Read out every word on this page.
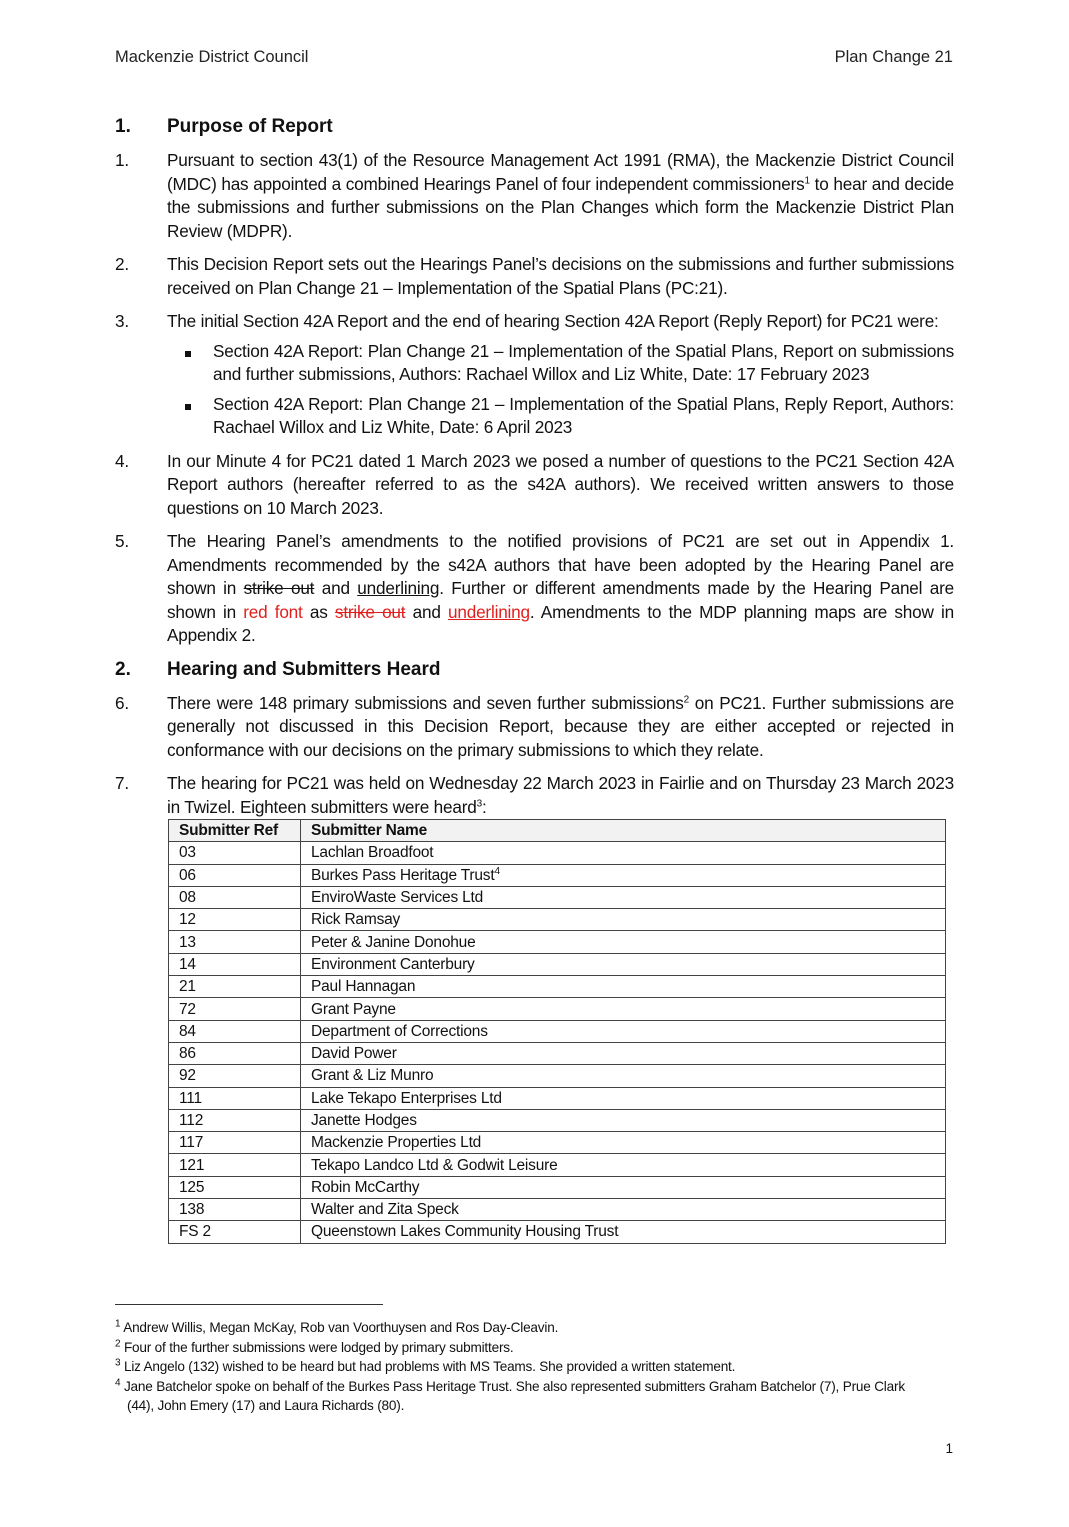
Mackenzie District Council	Plan Change 21
1.	Purpose of Report
1.	Pursuant to section 43(1) of the Resource Management Act 1991 (RMA), the Mackenzie District Council (MDC) has appointed a combined Hearings Panel of four independent commissioners$^1$ to hear and decide the submissions and further submissions on the Plan Changes which form the Mackenzie District Plan Review (MDPR).
2.	This Decision Report sets out the Hearings Panel’s decisions on the submissions and further submissions received on Plan Change 21 – Implementation of the Spatial Plans (PC:21).
3.	The initial Section 42A Report and the end of hearing Section 42A Report (Reply Report) for PC21 were:
Section 42A Report: Plan Change 21 – Implementation of the Spatial Plans, Report on submissions and further submissions, Authors: Rachael Willox and Liz White, Date: 17 February 2023
Section 42A Report: Plan Change 21 – Implementation of the Spatial Plans, Reply Report, Authors: Rachael Willox and Liz White, Date: 6 April 2023
4.	In our Minute 4 for PC21 dated 1 March 2023 we posed a number of questions to the PC21 Section 42A Report authors (hereafter referred to as the s42A authors). We received written answers to those questions on 10 March 2023.
5.	The Hearing Panel’s amendments to the notified provisions of PC21 are set out in Appendix 1. Amendments recommended by the s42A authors that have been adopted by the Hearing Panel are shown in strike out and underlining. Further or different amendments made by the Hearing Panel are shown in red font as strike out and underlining. Amendments to the MDP planning maps are show in Appendix 2.
2.	Hearing and Submitters Heard
6.	There were 148 primary submissions and seven further submissions$^2$ on PC21. Further submissions are generally not discussed in this Decision Report, because they are either accepted or rejected in conformance with our decisions on the primary submissions to which they relate.
7.	The hearing for PC21 was held on Wednesday 22 March 2023 in Fairlie and on Thursday 23 March 2023 in Twizel. Eighteen submitters were heard$^3$:
Submitter Ref	Submitter Name
03	Lachlan Broadfoot
06	Burkes Pass Heritage Trust$^4$
08	EnviroWaste Services Ltd
12	Rick Ramsay
13	Peter & Janine Donohue
14	Environment Canterbury
21	Paul Hannagan
72	Grant Payne
84	Department of Corrections
86	David Power
92	Grant & Liz Munro
111	Lake Tekapo Enterprises Ltd
112	Janette Hodges
117	Mackenzie Properties Ltd
121	Tekapo Landco Ltd & Godwit Leisure
125	Robin McCarthy
138	Walter and Zita Speck
FS 2	Queenstown Lakes Community Housing Trust
$^1$ Andrew Willis, Megan McKay, Rob van Voorthuysen and Ros Day-Cleavin.
$^2$ Four of the further submissions were lodged by primary submitters.
$^3$ Liz Angelo (132) wished to be heard but had problems with MS Teams. She provided a written statement.
$^4$ Jane Batchelor spoke on behalf of the Burkes Pass Heritage Trust. She also represented submitters Graham Batchelor (7), Prue Clark
(44), John Emery (17) and Laura Richards (80).
1
